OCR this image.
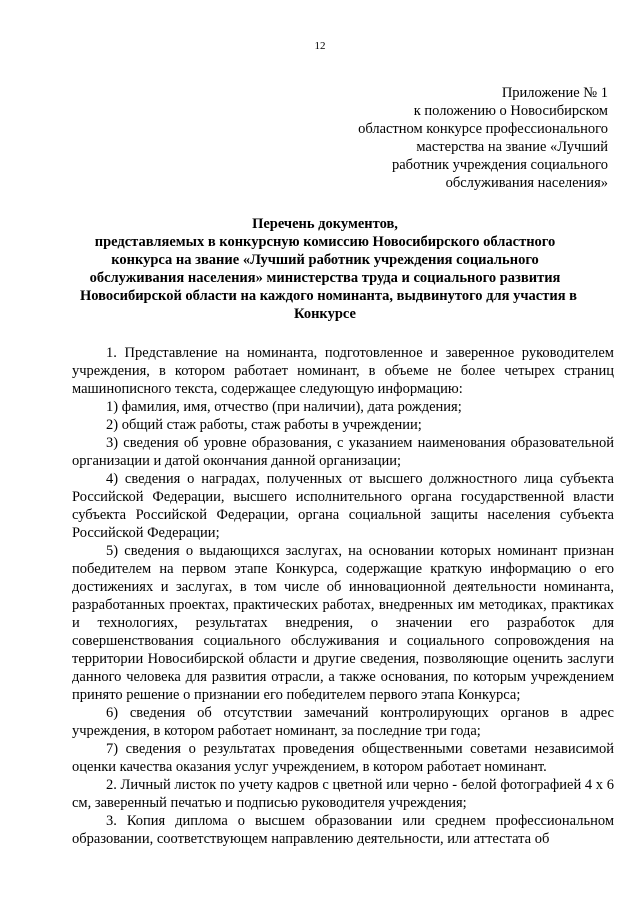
12
Приложение № 1
к положению о Новосибирском
областном конкурсе профессионального
мастерства на звание «Лучший
работник учреждения социального
обслуживания населения»
Перечень документов,
представляемых в конкурсную комиссию Новосибирского областного
конкурса на звание «Лучший работник учреждения социального
обслуживания населения» министерства труда и социального развития
Новосибирской области на каждого номинанта, выдвинутого для участия в
Конкурсе

1. Представление на номинанта, подготовленное и заверенное руководителем учреждения, в котором работает номинант, в объеме не более четырех страниц машинописного текста, содержащее следующую информацию:

1) фамилия, имя, отчество (при наличии), дата рождения;

2) общий стаж работы, стаж работы в учреждении;

3) сведения об уровне образования, с указанием наименования образовательной организации и датой окончания данной организации;

4) сведения о наградах, полученных от высшего должностного лица субъекта Российской Федерации, высшего исполнительного органа государственной власти субъекта Российской Федерации, органа социальной защиты населения субъекта Российской Федерации;

5) сведения о выдающихся заслугах, на основании которых номинант признан победителем на первом этапе Конкурса, содержащие краткую информацию о его достижениях и заслугах, в том числе об инновационной деятельности номинанта, разработанных проектах, практических работах, внедренных им методиках, практиках и технологиях, результатах внедрения, о значении его разработок для совершенствования социального обслуживания и социального сопровождения на территории Новосибирской области и другие сведения, позволяющие оценить заслуги данного человека для развития отрасли, а также основания, по которым учреждением принято решение о признании его победителем первого этапа Конкурса;

6) сведения об отсутствии замечаний контролирующих органов в адрес учреждения, в котором работает номинант, за последние три года;

7) сведения о результатах проведения общественными советами независимой оценки качества оказания услуг учреждением, в котором работает номинант.

2. Личный листок по учету кадров с цветной или черно - белой фотографией 4 х 6 см, заверенный печатью и подписью руководителя учреждения;

3. Копия диплома о высшем образовании или среднем профессиональном образовании, соответствующем направлению деятельности, или аттестата об
